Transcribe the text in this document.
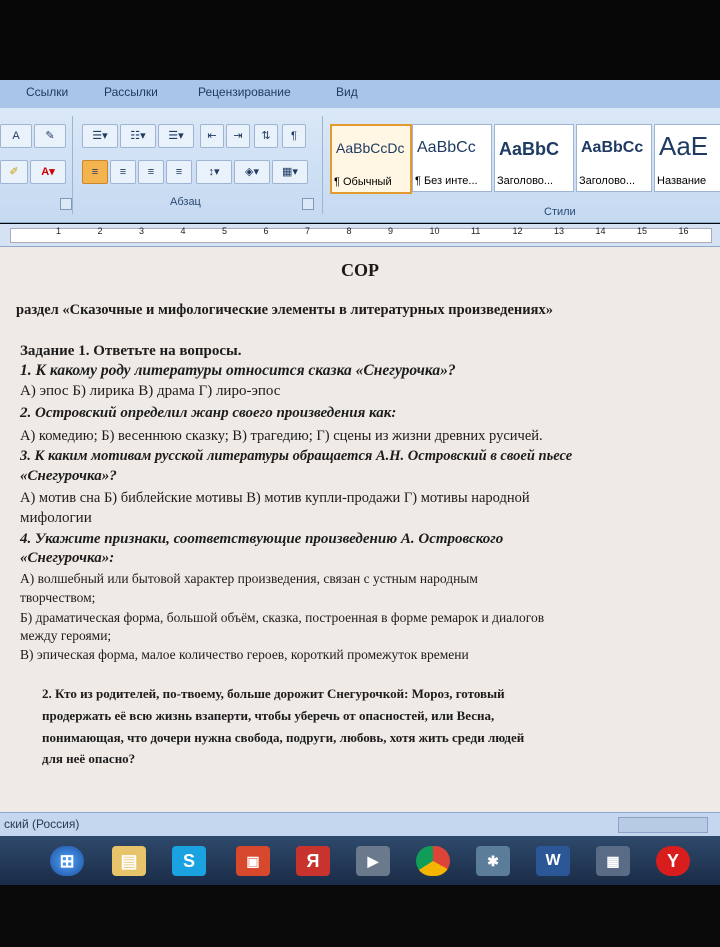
Ссылки	Рассылки	Рецензирование	Вид
A	✎
✐	A▾
☰▾	☷▾	☰▾	⇤	⇥	⇅	¶
≡	≡	≡	≡	↕▾	◈▾	▦▾
Абзац
AaBbCcDc
¶ Обычный
AaBbCc
¶ Без инте...
AaBbC
Заголово...
AaBbCc
Заголово...
AaE
Название
Стили
1	2	3	4	5	6	7	8	9	10	11	12	13	14	15	16
СОР
раздел «Сказочные и мифологические элементы в литературных произведениях»
Задание 1. Ответьте на вопросы.
1. К какому роду литературы относится сказка «Снегурочка»?
А) эпос Б) лирика В) драма Г) лиро-эпос
2. Островский определил жанр своего произведения как:
А) комедию; Б) весеннюю сказку; В) трагедию; Г) сцены из жизни древних русичей.
3. К каким мотивам русской литературы обращается А.Н. Островский в своей пьесе
«Снегурочка»?
А) мотив сна Б) библейские мотивы В) мотив купли-продажи Г) мотивы народной
мифологии
4. Укажите признаки, соответствующие произведению А. Островского
«Снегурочка»:
А) волшебный или бытовой характер произведения, связан с устным народным
творчеством;
Б) драматическая форма, большой объём, сказка, построенная в форме ремарок и диалогов
между героями;
В) эпическая форма, малое количество героев, короткий промежуток времени
2. Кто из родителей, по-твоему, больше дорожит Снегурочкой: Мороз, готовый
продержать её всю жизнь взаперти, чтобы уберечь от опасностей, или Весна,
понимающая, что дочери нужна свобода, подруги, любовь, хотя жить среди людей
для неё опасно?
ский (Россия)
⊞	▤	S	▣	Я	▶	✱	W	▦	Y
